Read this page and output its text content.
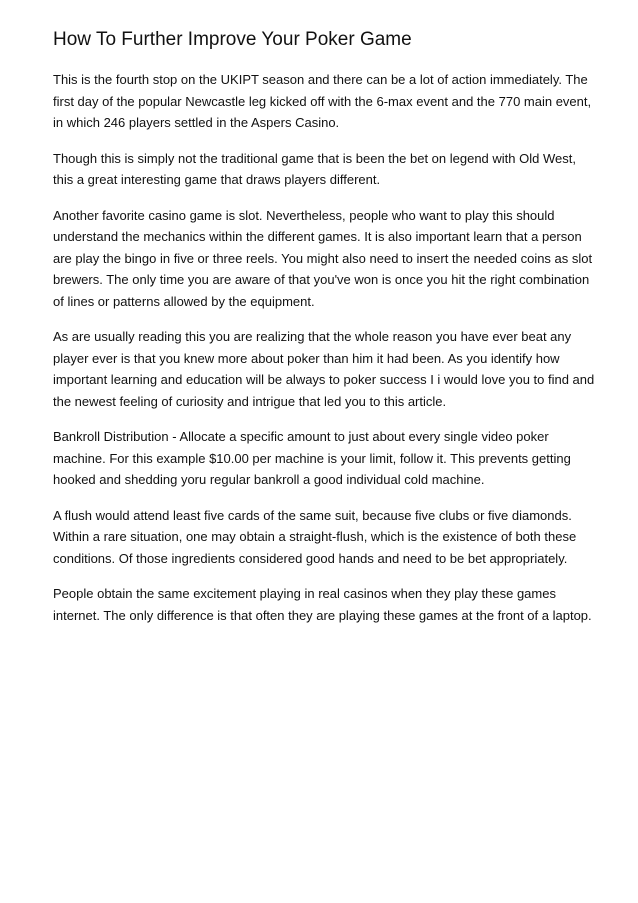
How To Further Improve Your Poker Game

This is the fourth stop on the UKIPT season and there can be a lot of action immediately. The first day of the popular Newcastle leg kicked off with the 6-max event and the 770 main event, in which 246 players settled in the Aspers Casino.

Though this is simply not the traditional game that is been the bet on legend with Old West, this a great interesting game that draws players different.

Another favorite casino game is slot. Nevertheless, people who want to play this should understand the mechanics within the different games. It is also important learn that a person are play the bingo in five or three reels. You might also need to insert the needed coins as slot brewers. The only time you are aware of that you've won is once you hit the right combination of lines or patterns allowed by the equipment.

As are usually reading this you are realizing that the whole reason you have ever beat any player ever is that you knew more about poker than him it had been. As you identify how important learning and education will be always to poker success I i would love you to find and the newest feeling of curiosity and intrigue that led you to this article.

Bankroll Distribution - Allocate a specific amount to just about every single video poker machine. For this example $10.00 per machine is your limit, follow it. This prevents getting hooked and shedding yoru regular bankroll a good individual cold machine.

A flush would attend least five cards of the same suit, because five clubs or five diamonds. Within a rare situation, one may obtain a straight-flush, which is the existence of both these conditions. Of those ingredients considered good hands and need to be bet appropriately.

People obtain the same excitement playing in real casinos when they play these games internet. The only difference is that often they are playing these games at the front of a laptop.
